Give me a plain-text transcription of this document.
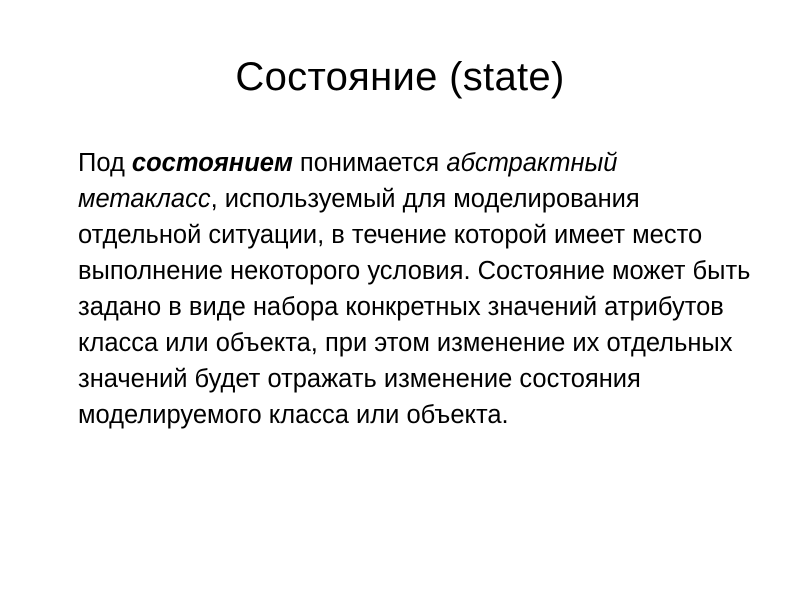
Состояние (state)

Под состоянием понимается абстрактный метакласс, используемый для моделирования отдельной ситуации, в течение которой имеет место выполнение некоторого условия. Состояние может быть задано в виде набора конкретных значений атрибутов класса или объекта, при этом изменение их отдельных значений будет отражать изменение состояния моделируемого класса или объекта.
